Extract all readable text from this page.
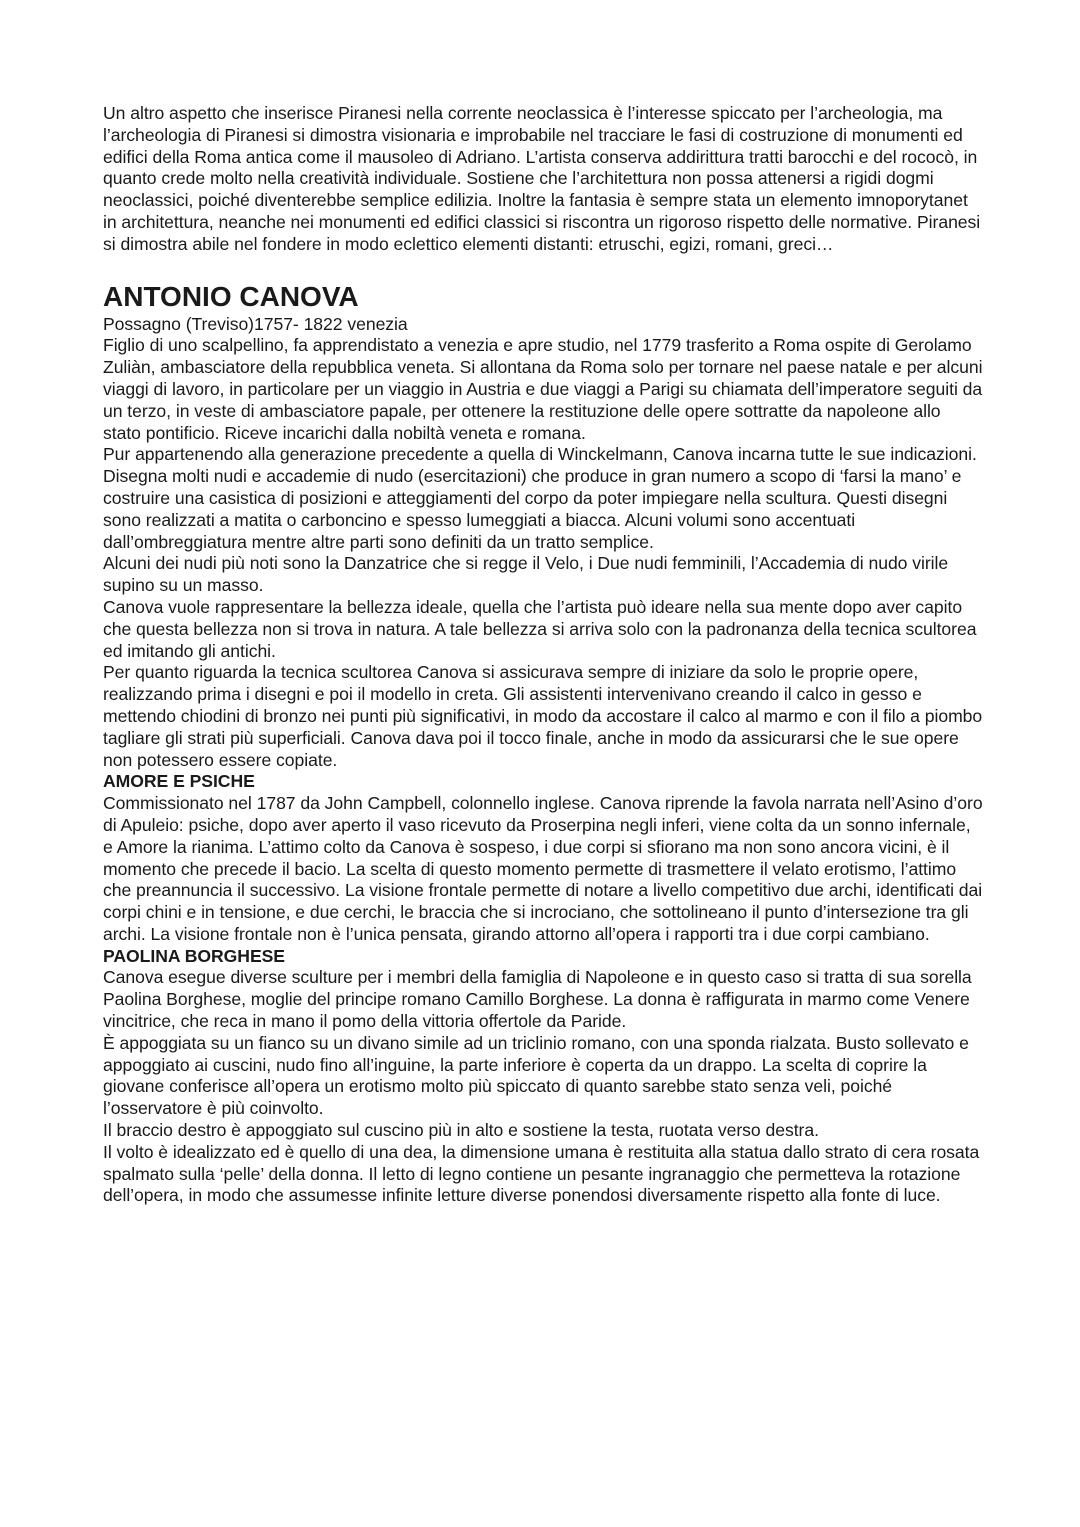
Un altro aspetto che inserisce Piranesi nella corrente neoclassica è l’interesse spiccato per l’archeologia, ma l’archeologia di Piranesi si dimostra visionaria e improbabile nel tracciare le fasi di costruzione di monumenti ed edifici della Roma antica come il mausoleo di Adriano. L’artista conserva addirittura tratti barocchi e del rococò, in quanto crede molto nella creatività individuale. Sostiene che l’architettura non possa attenersi a rigidi dogmi neoclassici, poiché diventerebbe semplice edilizia. Inoltre la fantasia è sempre stata un elemento imnoporytanet in architettura, neanche nei monumenti ed edifici classici si riscontra un rigoroso rispetto delle normative. Piranesi si dimostra abile nel fondere in modo eclettico elementi distanti: etruschi, egizi, romani, greci…

ANTONIO CANOVA

Possagno (Treviso)1757- 1822 venezia

Figlio di uno scalpellino, fa apprendistato a venezia e apre studio, nel 1779 trasferito a Roma ospite di Gerolamo Zuliàn, ambasciatore della repubblica veneta. Si allontana da Roma solo per tornare nel paese natale e per alcuni viaggi di lavoro, in particolare per un viaggio in Austria e due viaggi a Parigi su chiamata dell’imperatore seguiti da un terzo, in veste di ambasciatore papale, per ottenere la restituzione delle opere sottratte da napoleone allo stato pontificio. Riceve incarichi dalla nobiltà veneta e romana.

Pur appartenendo alla generazione precedente a quella di Winckelmann, Canova incarna tutte le sue indicazioni. Disegna molti nudi e accademie di nudo (esercitazioni) che produce in gran numero a scopo di ‘farsi la mano’ e costruire una casistica di posizioni e atteggiamenti del corpo da poter impiegare nella scultura. Questi disegni sono realizzati a matita o carboncino e spesso lumeggiati a biacca. Alcuni volumi sono accentuati dall’ombreggiatura mentre altre parti sono definiti da un tratto semplice.

Alcuni dei nudi più noti sono la Danzatrice che si regge il Velo, i Due nudi femminili, l’Accademia di nudo virile supino su un masso.

Canova vuole rappresentare la bellezza ideale, quella che l’artista può ideare nella sua mente dopo aver capito che questa bellezza non si trova in natura. A tale bellezza si arriva solo con la padronanza della tecnica scultorea ed imitando gli antichi.

Per quanto riguarda la tecnica scultorea Canova si assicurava sempre di iniziare da solo le proprie opere, realizzando prima i disegni e poi il modello in creta. Gli assistenti intervenivano creando il calco in gesso e mettendo chiodini di bronzo nei punti più significativi, in modo da accostare il calco al marmo e con il filo a piombo tagliare gli strati più superficiali. Canova dava poi il tocco finale, anche in modo da assicurarsi che le sue opere non potessero essere copiate.

AMORE E PSICHE

Commissionato nel 1787 da John Campbell, colonnello inglese. Canova riprende la favola narrata nell’Asino d’oro di Apuleio: psiche, dopo aver aperto il vaso ricevuto da Proserpina negli inferi, viene colta da un sonno infernale, e Amore la rianima. L’attimo colto da Canova è sospeso, i due corpi si sfiorano ma non sono ancora vicini, è il momento che precede il bacio. La scelta di questo momento permette di trasmettere il velato erotismo, l’attimo che preannuncia il successivo. La visione frontale permette di notare a livello competitivo due archi, identificati dai corpi chini e in tensione, e due cerchi, le braccia che si incrociano, che sottolineano il punto d’intersezione tra gli archi. La visione frontale non è l’unica pensata, girando attorno all’opera i rapporti tra i due corpi cambiano.

PAOLINA BORGHESE

Canova esegue diverse sculture per i membri della famiglia di Napoleone e in questo caso si tratta di sua sorella Paolina Borghese, moglie del principe romano Camillo Borghese. La donna è raffigurata in marmo come Venere vincitrice, che reca in mano il pomo della vittoria offertole da Paride.

È appoggiata su un fianco su un divano simile ad un triclinio romano, con una sponda rialzata. Busto sollevato e appoggiato ai cuscini, nudo fino all’inguine, la parte inferiore è coperta da un drappo. La scelta di coprire la giovane conferisce all’opera un erotismo molto più spiccato di quanto sarebbe stato senza veli, poiché l’osservatore è più coinvolto.

Il braccio destro è appoggiato sul cuscino più in alto e sostiene la testa, ruotata verso destra.

Il volto è idealizzato ed è quello di una dea, la dimensione umana è restituita alla statua dallo strato di cera rosata spalmato sulla ‘pelle’ della donna. Il letto di legno contiene un pesante ingranaggio che permetteva la rotazione dell’opera, in modo che assumesse infinite letture diverse ponendosi diversamente rispetto alla fonte di luce.
